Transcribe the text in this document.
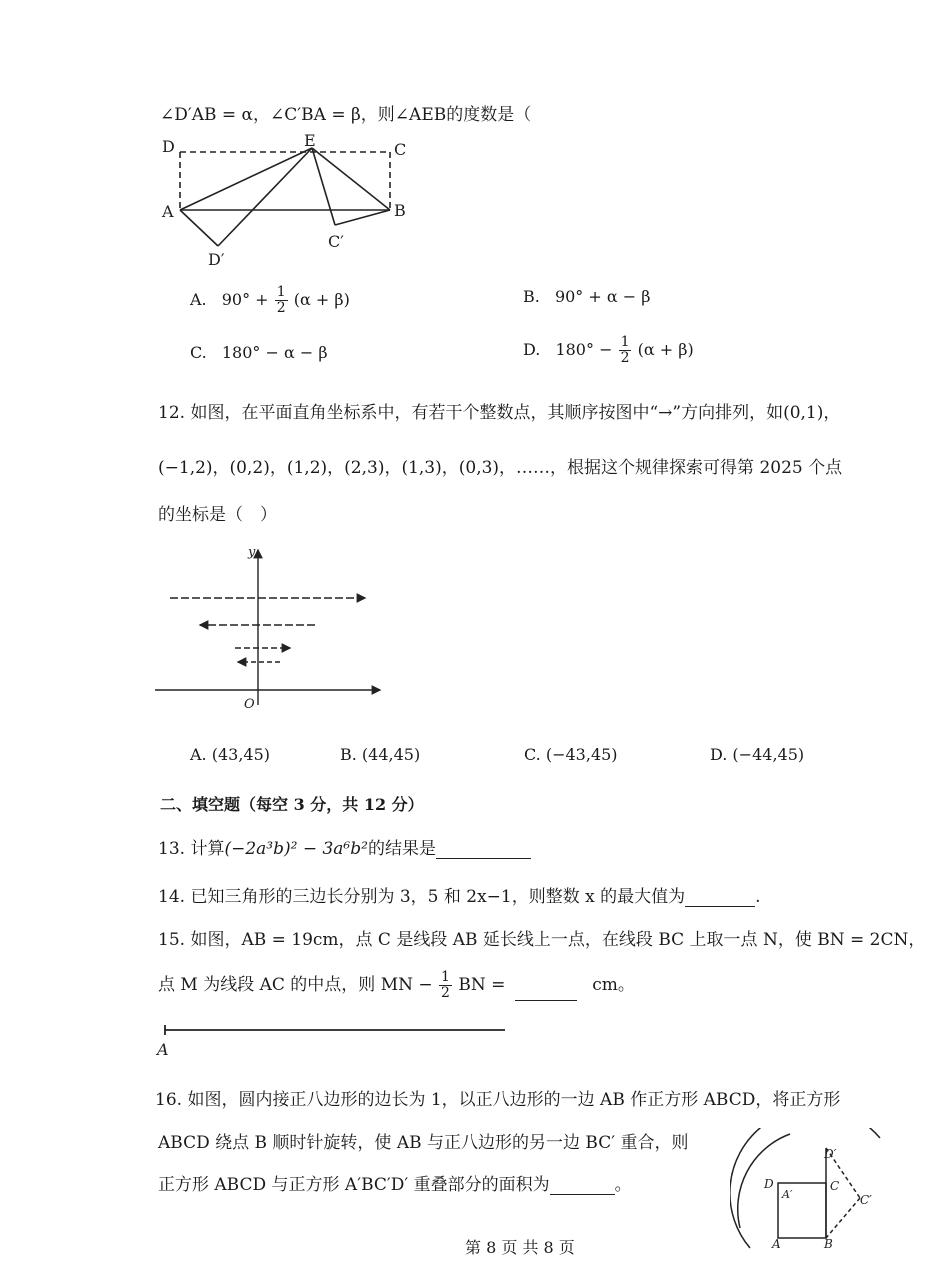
∠D′AB = α，∠C′BA = β，则∠AEB的度数是（
D	E	C
A	B
D′
C′
A. $90^\circ + \frac{1}{2} (\alpha + \beta)$	B. 90° + α − β
C. 180° − α − β	D. $180^\circ - \frac{1}{2} (\alpha + \beta)$
12. 如图，在平面直角坐标系中，有若干个整数点，其顺序按图中“→”方向排列，如(0,1)，
(−1,2)，(0,2)，(1,2)，(2,3)，(1,3)，(0,3)，……，根据这个规律探索可得第 2025 个点
的坐标是（　）
y
O
A. (43,45)	B. (44,45)	C. (−43,45)	D. (−44,45)
二、填空题（每空 3 分，共 12 分）
13. 计算(−2a³b)² − 3a⁶b²的结果是
14. 已知三角形的三边长分别为 3，5 和 2x−1，则整数 x 的最大值为	.
15. 如图，AB = 19cm，点 C 是线段 AB 延长线上一点，在线段 BC 上取一点 N，使 BN = 2CN，
点 M 为线段 AC 的中点，则 MN − $\frac{1}{2}$ BN =	cm。
A
16. 如图，圆内接正八边形的边长为 1，以正八边形的一边 AB 作正方形 ABCD，将正方形
ABCD 绕点 B 顺时针旋转，使 AB 与正八边形的另一边 BC′ 重合，则
正方形 ABCD 与正方形 A′BC′D′ 重叠部分的面积为	。
D′
D
A′
C
C′
A	B
第 8 页 共 8 页
